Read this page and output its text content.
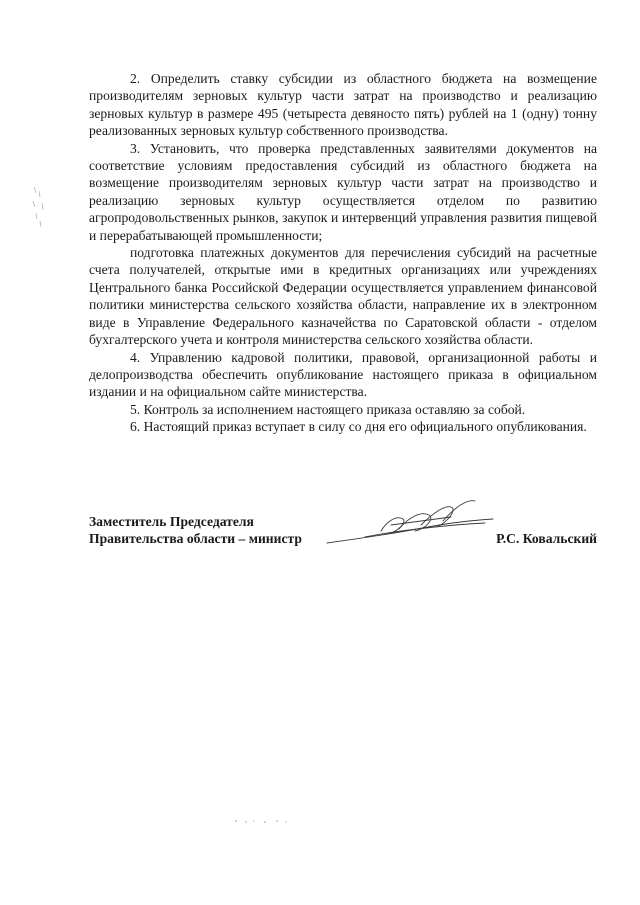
2. Определить ставку субсидии из областного бюджета на возмещение производителям зерновых культур части затрат на производство и реализацию зерновых культур в размере 495 (четыреста девяносто пять) рублей на 1 (одну) тонну реализованных зерновых культур собственного производства.

3. Установить, что проверка представленных заявителями документов на соответствие условиям предоставления субсидий из областного бюджета на возмещение производителям зерновых культур части затрат на производство и реализацию зерновых культур осуществляется отделом по развитию агропродовольственных рынков, закупок и интервенций управления развития пищевой и перерабатывающей промышленности;

подготовка платежных документов для перечисления субсидий на расчетные счета получателей, открытые ими в кредитных организациях или учреждениях Центрального банка Российской Федерации осуществляется управлением финансовой политики министерства сельского хозяйства области, направление их в электронном виде в Управление Федерального казначейства по Саратовской области - отделом бухгалтерского учета и контроля министерства сельского хозяйства области.

4. Управлению кадровой политики, правовой, организационной работы и делопроизводства обеспечить опубликование настоящего приказа в официальном издании и на официальном сайте министерства.

5. Контроль за исполнением настоящего приказа оставляю за собой.

6. Настоящий приказ вступает в силу со дня его официального опубликования.

Заместитель Председателя
Правительства области – министр	Р.С. Ковальский
